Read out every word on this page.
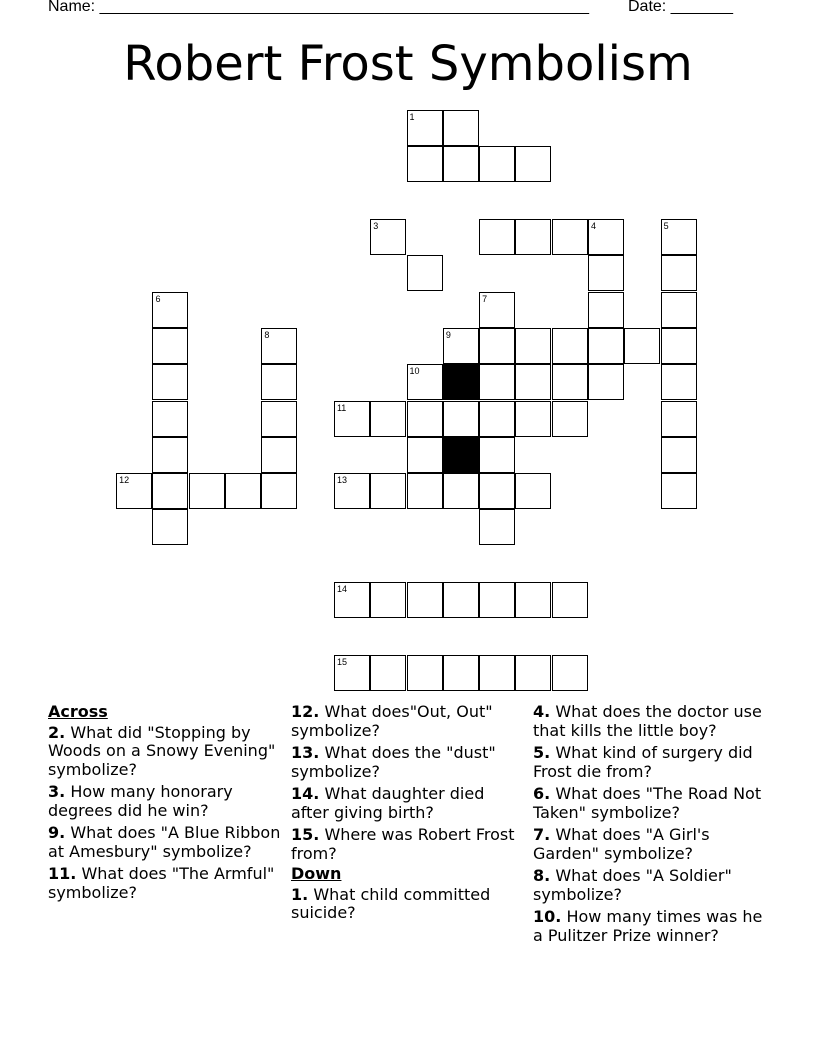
Name: _______________________________________________________ Date: _______
Robert Frost Symbolism
1
3	4	5
6	7
8	9
10
11
12	13
14
15
Across
2. What did "Stopping by Woods on a Snowy Evening" symbolize?
3. How many honorary degrees did he win?
9. What does "A Blue Ribbon at Amesbury" symbolize?
11. What does "The Armful" symbolize?
12. What does"Out, Out" symbolize?
13. What does the "dust" symbolize?
14. What daughter died after giving birth?
15. Where was Robert Frost from?
Down
1. What child committed suicide?
4. What does the doctor use that kills the little boy?
5. What kind of surgery did Frost die from?
6. What does "The Road Not Taken" symbolize?
7. What does "A Girl's Garden" symbolize?
8. What does "A Soldier" symbolize?
10. How many times was he a Pulitzer Prize winner?
